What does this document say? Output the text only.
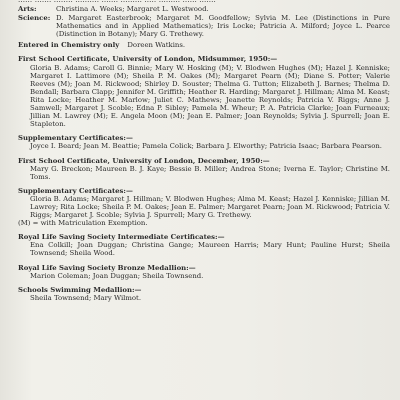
Arts:	Christina A. Weeks; Margaret L. Westwood.
Science: D. Margaret Easterbrook; Margaret M. Goodfellow; Sylvia M. Lee (Distinctions in Pure Mathematics and in Applied Mathematics); Iris Locke; Patricia A. Milford; Joyce L. Pearce (Distinction in Botany); Mary G. Trethewy.
Entered in Chemistry only Doreen Watkins.
First School Certificate, University of London, Midsummer, 1950:—
Gloria B. Adams; Caroll G. Binnie; Mary W. Hosking (M); V. Blodwen Hughes (M); Hazel J. Kenniske; Margaret I. Lattimore (M); Sheila P. M. Oakes (M); Margaret Pearn (M); Diane S. Potter; Valerie Reeves (M); Joan M. Rickwood; Shirley D. Souster; Thelma G. Tutton; Elizabeth J. Barnes; Thelma D. Bendall; Barbara Clapp; Jennifer M. Griffith; Heather R. Harding; Margaret J. Hillman; Alma M. Keast; Rita Locke; Heather M. Marlow; Juliet C. Mathews; Jeanette Reynolds; Patricia V. Riggs; Anne J. Samwell; Margaret J. Scoble; Edna P. Sibley; Pamela M. Wheur; P. A. Patricia Clarke; Joan Furneaux; Jillian M. Lawrey (M); E. Angela Moon (M); Jean E. Palmer; Joan Reynolds; Sylvia J. Spurrell; Joan E. Stapleton.
Supplementary Certificates:—
Joyce I. Beard; Jean M. Beattie; Pamela Colick; Barbara J. Elworthy; Patricia Isaac; Barbara Pearson.
First School Certificate, University of London, December, 1950:—
Mary G. Breckon; Maureen B. J. Kaye; Bessie B. Miller; Andrea Stone; Iverna E. Taylor; Christine M. Toms.
Supplementary Certificates:—
Gloria B. Adams; Margaret J. Hillman; V. Blodwen Hughes; Alma M. Keast; Hazel J. Kenniske; Jillian M. Lawrey; Rita Locke; Sheila P. M. Oakes; Jean E. Palmer; Margaret Pearn; Joan M. Rickwood; Patricia V. Riggs; Margaret J. Scoble; Sylvia J. Spurrell; Mary G. Trethewy.
(M) = with Matriculation Exemption.
Royal Life Saving Society Intermediate Certificates:—
Ena Colkill; Joan Duggan; Christina Gange; Maureen Harris; Mary Hunt; Pauline Hurst; Sheila Townsend; Sheila Wood.
Royal Life Saving Society Bronze Medallion:—
Marion Coleman; Joan Duggan; Sheila Townsend.
Schools Swimming Medallion:—
Sheila Townsend; Mary Wilmot.
